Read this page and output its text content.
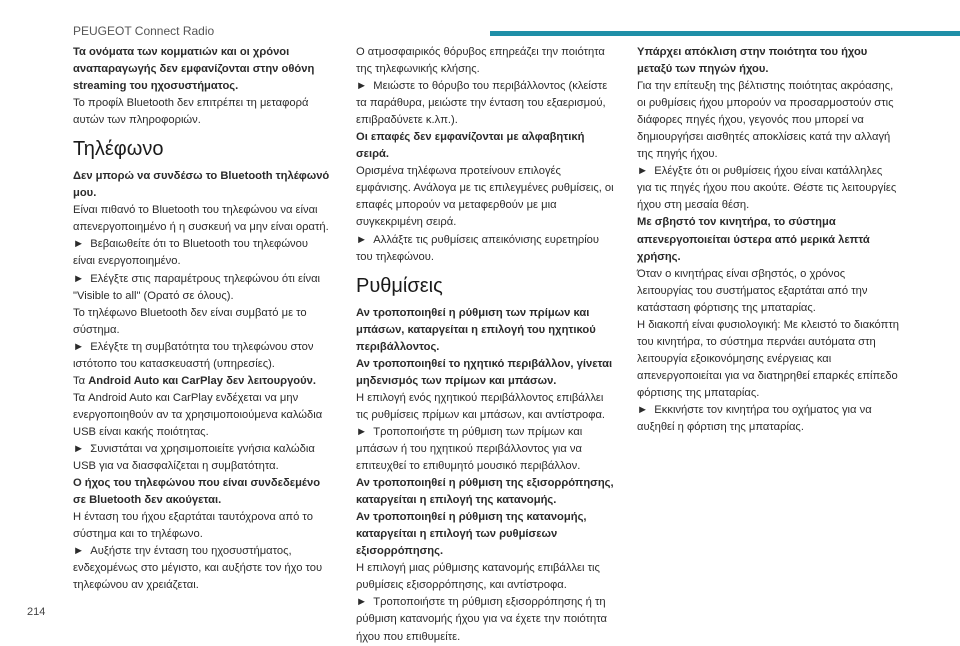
PEUGEOT Connect Radio

Τα ονόματα των κομματιών και οι χρόνοι αναπαραγωγής δεν εμφανίζονται στην οθόνη streaming του ηχοσυστήματος.

Το προφίλ Bluetooth δεν επιτρέπει τη μεταφορά αυτών των πληροφοριών.

Τηλέφωνο

Δεν μπορώ να συνδέσω το Bluetooth τηλέφωνό μου.

Είναι πιθανό το Bluetooth του τηλεφώνου να είναι απενεργοποιημένο ή η συσκευή να μην είναι ορατή.

►  Βεβαιωθείτε ότι το Bluetooth του τηλεφώνου είναι ενεργοποιημένο.

►  Ελέγξτε στις παραμέτρους τηλεφώνου ότι είναι "Visible to all" (Ορατό σε όλους).

Το τηλέφωνο Bluetooth δεν είναι συμβατό με το σύστημα.

►  Ελέγξτε τη συμβατότητα του τηλεφώνου στον ιστότοπο του κατασκευαστή (υπηρεσίες).

Τα Android Auto και CarPlay δεν λειτουργούν.

Τα Android Auto και CarPlay ενδέχεται να μην ενεργοποιηθούν αν τα χρησιμοποιούμενα καλώδια USB είναι κακής ποιότητας.

►  Συνιστάται να χρησιμοποιείτε γνήσια καλώδια USB για να διασφαλίζεται η συμβατότητα.

Ο ήχος του τηλεφώνου που είναι συνδεδεμένο σε Bluetooth δεν ακούγεται.

Η ένταση του ήχου εξαρτάται ταυτόχρονα από το σύστημα και το τηλέφωνο.

►  Αυξήστε την ένταση του ηχοσυστήματος, ενδεχομένως στο μέγιστο, και αυξήστε τον ήχο του τηλεφώνου αν χρειάζεται.

Ο ατμοσφαιρικός θόρυβος επηρεάζει την ποιότητα της τηλεφωνικής κλήσης.

►  Μειώστε το θόρυβο του περιβάλλοντος (κλείστε τα παράθυρα, μειώστε την ένταση του εξαερισμού, επιβραδύνετε κ.λπ.).

Οι επαφές δεν εμφανίζονται με αλφαβητική σειρά.

Ορισμένα τηλέφωνα προτείνουν επιλογές εμφάνισης. Ανάλογα με τις επιλεγμένες ρυθμίσεις, οι επαφές μπορούν να μεταφερθούν με μια συγκεκριμένη σειρά.

►  Αλλάξτε τις ρυθμίσεις απεικόνισης ευρετηρίου του τηλεφώνου.

Ρυθμίσεις

Αν τροποποιηθεί η ρύθμιση των πρίμων και μπάσων, καταργείται η επιλογή του ηχητικού περιβάλλοντος.

Αν τροποποιηθεί το ηχητικό περιβάλλον, γίνεται μηδενισμός των πρίμων και μπάσων.

Η επιλογή ενός ηχητικού περιβάλλοντος επιβάλλει τις ρυθμίσεις πρίμων και μπάσων, και αντίστροφα.

►  Τροποποιήστε τη ρύθμιση των πρίμων και μπάσων ή του ηχητικού περιβάλλοντος για να επιτευχθεί το επιθυμητό μουσικό περιβάλλον.

Αν τροποποιηθεί η ρύθμιση της εξισορρόπησης, καταργείται η επιλογή της κατανομής.

Αν τροποποιηθεί η ρύθμιση της κατανομής, καταργείται η επιλογή των ρυθμίσεων εξισορρόπησης.

Η επιλογή μιας ρύθμισης κατανομής επιβάλλει τις ρυθμίσεις εξισορρόπησης, και αντίστροφα.

►  Τροποποιήστε τη ρύθμιση εξισορρόπησης ή τη ρύθμιση κατανομής ήχου για να έχετε την ποιότητα ήχου που επιθυμείτε.

Υπάρχει απόκλιση στην ποιότητα του ήχου μεταξύ των πηγών ήχου.

Για την επίτευξη της βέλτιστης ποιότητας ακρόασης, οι ρυθμίσεις ήχου μπορούν να προσαρμοστούν στις διάφορες πηγές ήχου, γεγονός που μπορεί να δημιουργήσει αισθητές αποκλίσεις κατά την αλλαγή της πηγής ήχου.

►  Ελέγξτε ότι οι ρυθμίσεις ήχου είναι κατάλληλες για τις πηγές ήχου που ακούτε. Θέστε τις λειτουργίες ήχου στη μεσαία θέση.

Με σβηστό τον κινητήρα, το σύστημα απενεργοποιείται ύστερα από μερικά λεπτά χρήσης.

Όταν ο κινητήρας είναι σβηστός, ο χρόνος λειτουργίας του συστήματος εξαρτάται από την κατάσταση φόρτισης της μπαταρίας.

Η διακοπή είναι φυσιολογική: Με κλειστό το διακόπτη του κινητήρα, το σύστημα περνάει αυτόματα στη λειτουργία εξοικονόμησης ενέργειας και απενεργοποιείται για να διατηρηθεί επαρκές επίπεδο φόρτισης της μπαταρίας.

►  Εκκινήστε τον κινητήρα του οχήματος για να αυξηθεί η φόρτιση της μπαταρίας.

214
